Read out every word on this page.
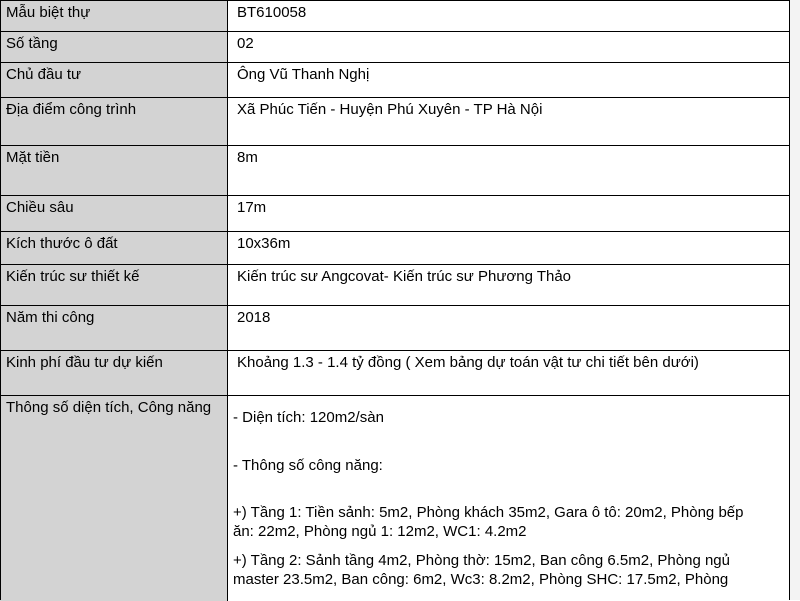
Mẫu biệt thự	BT610058
Số tầng	02
Chủ đầu tư	Ông Vũ Thanh Nghị
Địa điểm công trình	Xã Phúc Tiến - Huyện Phú Xuyên - TP Hà Nội
Mặt tiền	8m
Chiều sâu	17m
Kích thước ô đất	10x36m
Kiến trúc sư thiết kế	Kiến trúc sư Angcovat- Kiến trúc sư Phương Thảo
Năm thi công	2018
Kinh phí đầu tư dự kiến	Khoảng 1.3 - 1.4 tỷ đồng ( Xem bảng dự toán vật tư chi tiết bên dưới)
Thông số diện tích, Công năng

- Diện tích: 120m2/sàn

- Thông số công năng:

+) Tầng 1: Tiền sảnh: 5m2, Phòng khách 35m2, Gara ô tô: 20m2, Phòng bếp

ăn: 22m2, Phòng ngủ 1: 12m2, WC1: 4.2m2

+) Tầng 2: Sảnh tầng 4m2, Phòng thờ: 15m2, Ban công 6.5m2, Phòng ngủ

master 23.5m2, Ban công: 6m2, Wc3: 8.2m2, Phòng SHC: 17.5m2, Phòng
